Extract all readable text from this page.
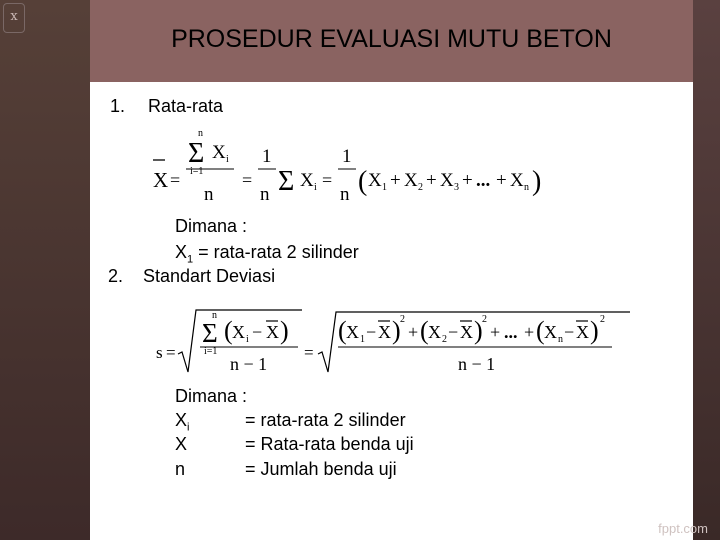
x
PROSEDUR EVALUASI MUTU BETON
1. Rata-rata
X =
n
Σ X i
i=1
n
=
1
n Σ X i =
1
n ( X 1 + X 2 + X 3 + ... + X n )
Dimana :
$X_1$ = rata-rata 2 silinder
2. Standart Deviasi
s =
n
Σ ( X i − X )
i=1
n − 1
=
( X 1 − X ) 2
+ ( X 2 − X ) 2
+ ... + ( X n − X ) 2
n − 1
Dimana :
$X_i$	= rata-rata 2 silinder
X	= Rata-rata benda uji
n	= Jumlah benda uji
fppt.com
